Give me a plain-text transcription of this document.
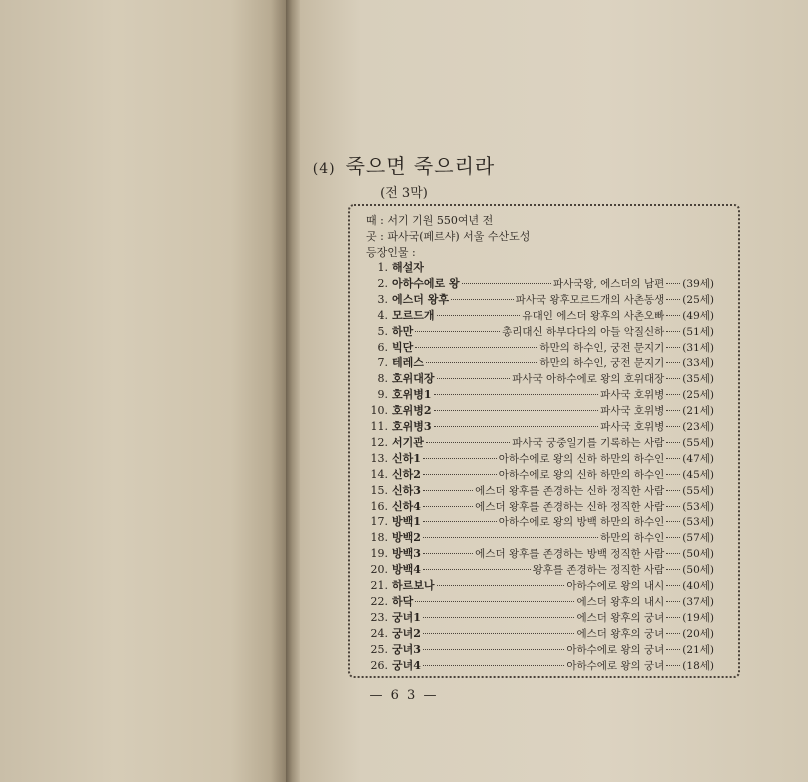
(4) 죽으면 죽으리라
(전 3막)
때 : 서기 기원 550여년 전
곳 : 파사국(페르샤) 서울 수산도성
등장인물 :
1. 해설자
2. 아하수에로 왕	파사국왕, 에스더의 남편 (39세)
3. 에스더 왕후	파사국 왕후모르드개의 사촌동생 (25세)
4. 모르드개	유대인 에스더 왕후의 사촌오빠 (49세)
5. 하만	총리대신 하부다다의 아들 악질신하 (51세)
6. 빅단	하만의 하수인, 궁전 문지기 (31세)
7. 테레스	하만의 하수인, 궁전 문지기 (33세)
8. 호위대장	파사국 아하수에로 왕의 호위대장 (35세)
9. 호위병1	파사국 호위병 (25세)
10. 호위병2	파사국 호위병 (21세)
11. 호위병3	파사국 호위병 (23세)
12. 서기관	파사국 궁중일기를 기록하는 사람 (55세)
13. 신하1	아하수에로 왕의 신하 하만의 하수인 (47세)
14. 신하2	아하수에로 왕의 신하 하만의 하수인 (45세)
15. 신하3	에스더 왕후를 존경하는 신하 정직한 사람 (55세)
16. 신하4	에스더 왕후를 존경하는 신하 정직한 사람 (53세)
17. 방백1	아하수에로 왕의 방백 하만의 하수인 (53세)
18. 방백2	하만의 하수인 (57세)
19. 방백3	에스더 왕후를 존경하는 방백 정직한 사람 (50세)
20. 방백4	왕후를 존경하는 정직한 사람 (50세)
21. 하르보나	아하수에로 왕의 내시 (40세)
22. 하닥	에스더 왕후의 내시 (37세)
23. 궁녀1	에스더 왕후의 궁녀 (19세)
24. 궁녀2	에스더 왕후의 궁녀 (20세)
25. 궁녀3	아하수에로 왕의 궁녀 (21세)
26. 궁녀4	아하수에로 왕의 궁녀 (18세)
— 6 3 —
